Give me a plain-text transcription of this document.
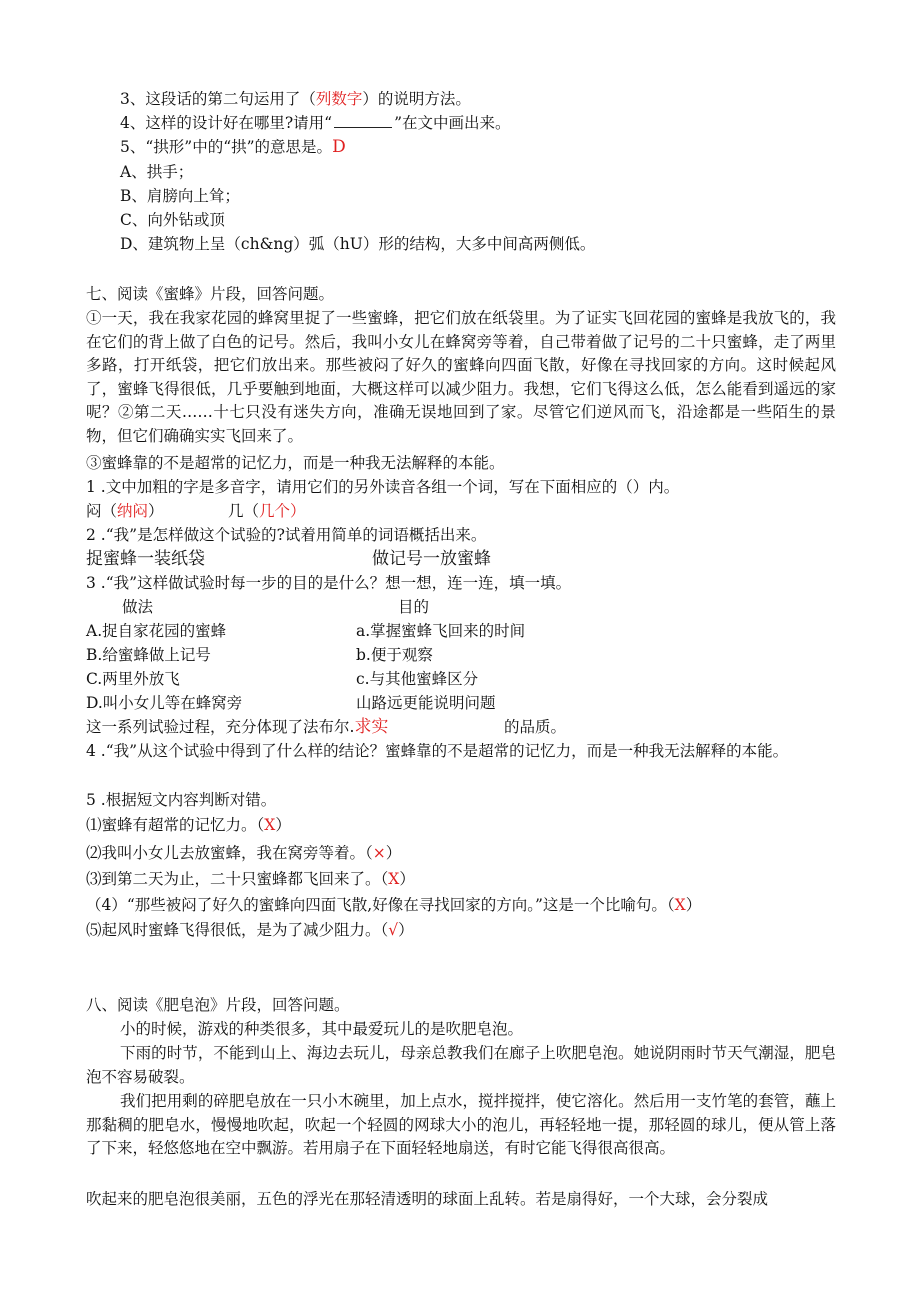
3、这段话的第二句运用了（列数字）的说明方法。
4、这样的设计好在哪里?请用“	”在文中画出来。
5、“拱形”中的“拱”的意思是。D
A、拱手；
B、肩膀向上耸；
C、向外钻或顶
D、建筑物上呈（ch&ng）弧（hU）形的结构，大多中间高两侧低。
七、阅读《蜜蜂》片段，回答问题。
①一天，我在我家花园的蜂窝里捉了一些蜜蜂，把它们放在纸袋里。为了证实飞回花园的蜜蜂是我放飞的，我在它们的背上做了白色的记号。然后，我叫小女儿在蜂窝旁等着，自己带着做了记号的二十只蜜蜂，走了两里多路，打开纸袋，把它们放出来。那些被闷了好久的蜜蜂向四面飞散，好像在寻找回家的方向。这时候起风了，蜜蜂飞得很低，几乎要触到地面，大概这样可以减少阻力。我想，它们飞得这么低，怎么能看到遥远的家呢？②第二天……十七只没有迷失方向，准确无误地回到了家。尽管它们逆风而飞，沿途都是一些陌生的景物，但它们确确实实飞回来了。
③蜜蜂靠的不是超常的记忆力，而是一种我无法解释的本能。
1 .文中加粗的字是多音字，请用它们的另外读音各组一个词，写在下面相应的（）内。
闷（纳闷）	几（几个）
2 .“我”是怎样做这个试验的?试着用简单的词语概括出来。
捉蜜蜂一装纸袋	做记号一放蜜蜂
3 .“我”这样做试验时每一步的目的是什么？想一想，连一连，填一填。
做法	目的
A.捉自家花园的蜜蜂	a.掌握蜜蜂飞回来的时间
B.给蜜蜂做上记号	b.便于观察
C.两里外放飞	c.与其他蜜蜂区分
D.叫小女儿等在蜂窝旁	山路远更能说明问题
这一系列试验过程，充分体现了法布尔.求实	的品质。
4 .“我”从这个试验中得到了什么样的结论？蜜蜂靠的不是超常的记忆力，而是一种我无法解释的本能。
5 .根据短文内容判断对错。
⑴蜜蜂有超常的记忆力。（X）
⑵我叫小女儿去放蜜蜂，我在窝旁等着。（×）
⑶到第二天为止，二十只蜜蜂都飞回来了。（X）
（4）“那些被闷了好久的蜜蜂向四面飞散,好像在寻找回家的方向。”这是一个比喻句。（X）
⑸起风时蜜蜂飞得很低，是为了减少阻力。（√）
八、阅读《肥皂泡》片段，回答问题。
小的时候，游戏的种类很多，其中最爱玩儿的是吹肥皂泡。
下雨的时节，不能到山上、海边去玩儿，母亲总教我们在廊子上吹肥皂泡。她说阴雨时节天气潮湿，肥皂泡不容易破裂。
我们把用剩的碎肥皂放在一只小木碗里，加上点水，搅拌搅拌，使它溶化。然后用一支竹笔的套管，蘸上那黏稠的肥皂水，慢慢地吹起，吹起一个轻圆的网球大小的泡儿，再轻轻地一提，那轻圆的球儿，便从管上落了下来，轻悠悠地在空中飘游。若用扇子在下面轻轻地扇送，有时它能飞得很高很高。
吹起来的肥皂泡很美丽，五色的浮光在那轻清透明的球面上乱转。若是扇得好，一个大球，会分裂成
